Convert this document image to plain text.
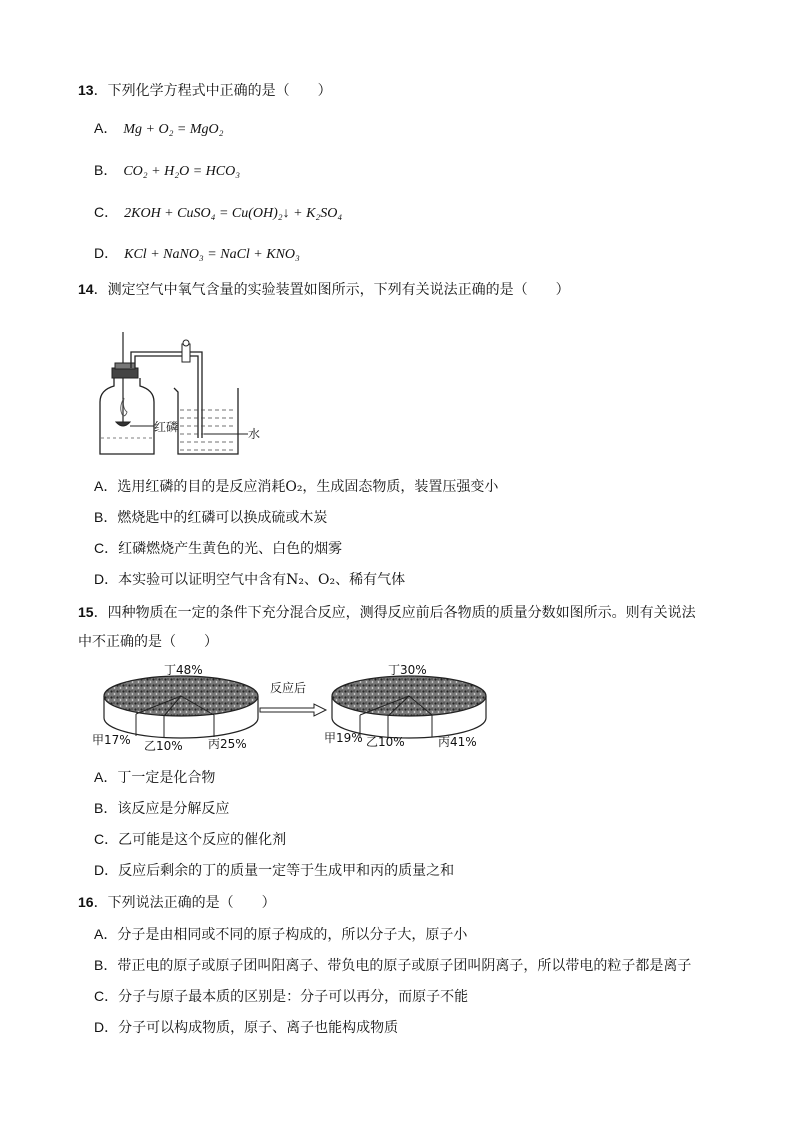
13．下列化学方程式中正确的是（　　）
A． Mg + O₂ = MgO₂
B． CO₂ + H₂O = HCO₃
C． 2KOH + CuSO₄ = Cu(OH)₂↓ + K₂SO₄
D． KCl + NaNO₃ = NaCl + KNO₃
14．测定空气中氧气含量的实验装置如图所示，下列有关说法正确的是（　　）
红磷	水
A．选用红磷的目的是反应消耗O₂，生成固态物质，装置压强变小
B．燃烧匙中的红磷可以换成硫或木炭
C．红磷燃烧产生黄色的光、白色的烟雾
D．本实验可以证明空气中含有N₂、O₂、稀有气体
15．四种物质在一定的条件下充分混合反应，测得反应前后各物质的质量分数如图所示。则有关说法
中不正确的是（　　）
丁48%
甲17% 乙10% 丙25%
反应后
丁30%
甲19% 乙10%	丙41%
A．丁一定是化合物
B．该反应是分解反应
C．乙可能是这个反应的催化剂
D．反应后剩余的丁的质量一定等于生成甲和丙的质量之和
16．下列说法正确的是（　　）
A．分子是由相同或不同的原子构成的，所以分子大，原子小
B．带正电的原子或原子团叫阳离子、带负电的原子或原子团叫阴离子，所以带电的粒子都是离子
C．分子与原子最本质的区别是：分子可以再分，而原子不能
D．分子可以构成物质，原子、离子也能构成物质
